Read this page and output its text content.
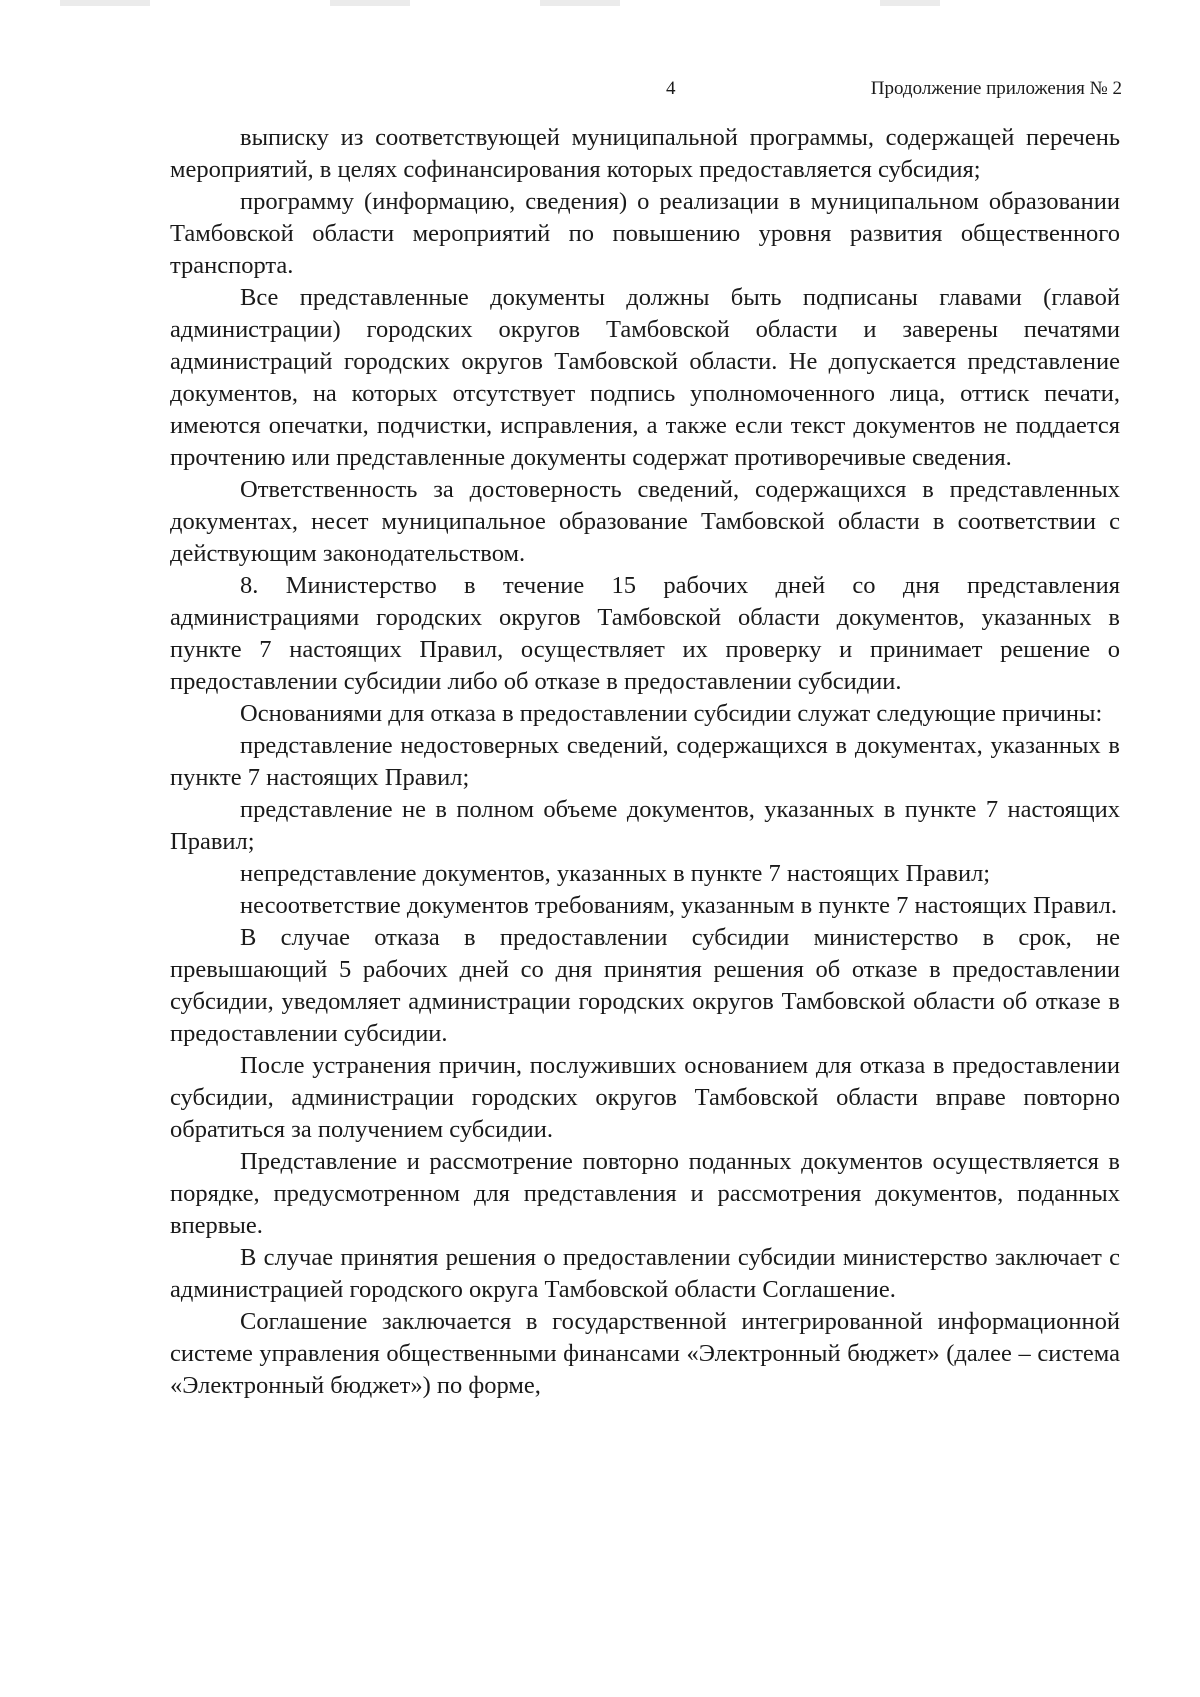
4	Продолжение приложения № 2

выписку из соответствующей муниципальной программы, содержащей перечень мероприятий, в целях софинансирования которых предоставляется субсидия;

программу (информацию, сведения) о реализации в муниципальном образовании Тамбовской области мероприятий по повышению уровня развития общественного транспорта.

Все представленные документы должны быть подписаны главами (главой администрации) городских округов Тамбовской области и заверены печатями администраций городских округов Тамбовской области. Не допускается представление документов, на которых отсутствует подпись уполномоченного лица, оттиск печати, имеются опечатки, подчистки, исправления, а также если текст документов не поддается прочтению или представленные документы содержат противоречивые сведения.

Ответственность за достоверность сведений, содержащихся в представленных документах, несет муниципальное образование Тамбовской области в соответствии с действующим законодательством.

8. Министерство в течение 15 рабочих дней со дня представления администрациями городских округов Тамбовской области документов, указанных в пункте 7 настоящих Правил, осуществляет их проверку и принимает решение о предоставлении субсидии либо об отказе в предоставлении субсидии.

Основаниями для отказа в предоставлении субсидии служат следующие причины:

представление недостоверных сведений, содержащихся в документах, указанных в пункте 7 настоящих Правил;

представление не в полном объеме документов, указанных в пункте 7 настоящих Правил;

непредставление документов, указанных в пункте 7 настоящих Правил;

несоответствие документов требованиям, указанным в пункте 7 настоящих Правил.

В случае отказа в предоставлении субсидии министерство в срок, не превышающий 5 рабочих дней со дня принятия решения об отказе в предоставлении субсидии, уведомляет администрации городских округов Тамбовской области об отказе в предоставлении субсидии.

После устранения причин, послуживших основанием для отказа в предоставлении субсидии, администрации городских округов Тамбовской области вправе повторно обратиться за получением субсидии.

Представление и рассмотрение повторно поданных документов осуществляется в порядке, предусмотренном для представления и рассмотрения документов, поданных впервые.

В случае принятия решения о предоставлении субсидии министерство заключает с администрацией городского округа Тамбовской области Соглашение.

Соглашение заключается в государственной интегрированной информационной системе управления общественными финансами «Электронный бюджет» (далее – система «Электронный бюджет») по форме,
